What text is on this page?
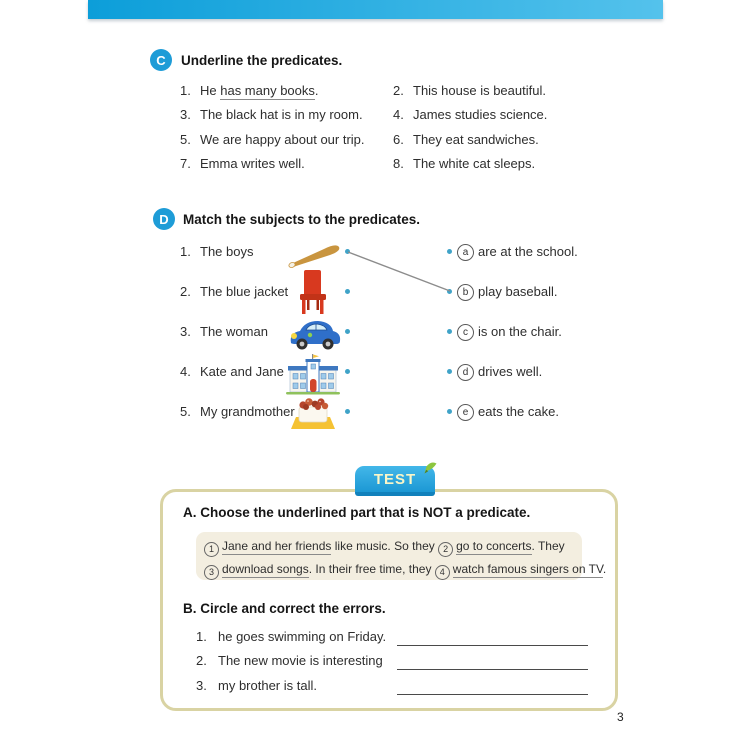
C	Underline the predicates.
1. He has many books.	2. This house is beautiful.
3. The black hat is in my room. 4. James studies science.
5. We are happy about our trip. 6. They eat sandwiches.
7. Emma writes well.	8. The white cat sleeps.
D	Match the subjects to the predicates.
1. The boys	a are at the school.
2. The blue jacket	b play baseball.
3. The woman	c is on the chair.
4. Kate and Jane	d drives well.
5. My grandmother	e eats the cake.
TEST
A. Choose the underlined part that is NOT a predicate.
1 Jane and her friends like music. So they 2 go to concerts. They
3 download songs. In their free time, they 4 watch famous singers on TV.
B. Circle and correct the errors.
1. he goes swimming on Friday.
2. The new movie is interesting
3. my brother is tall.
3
